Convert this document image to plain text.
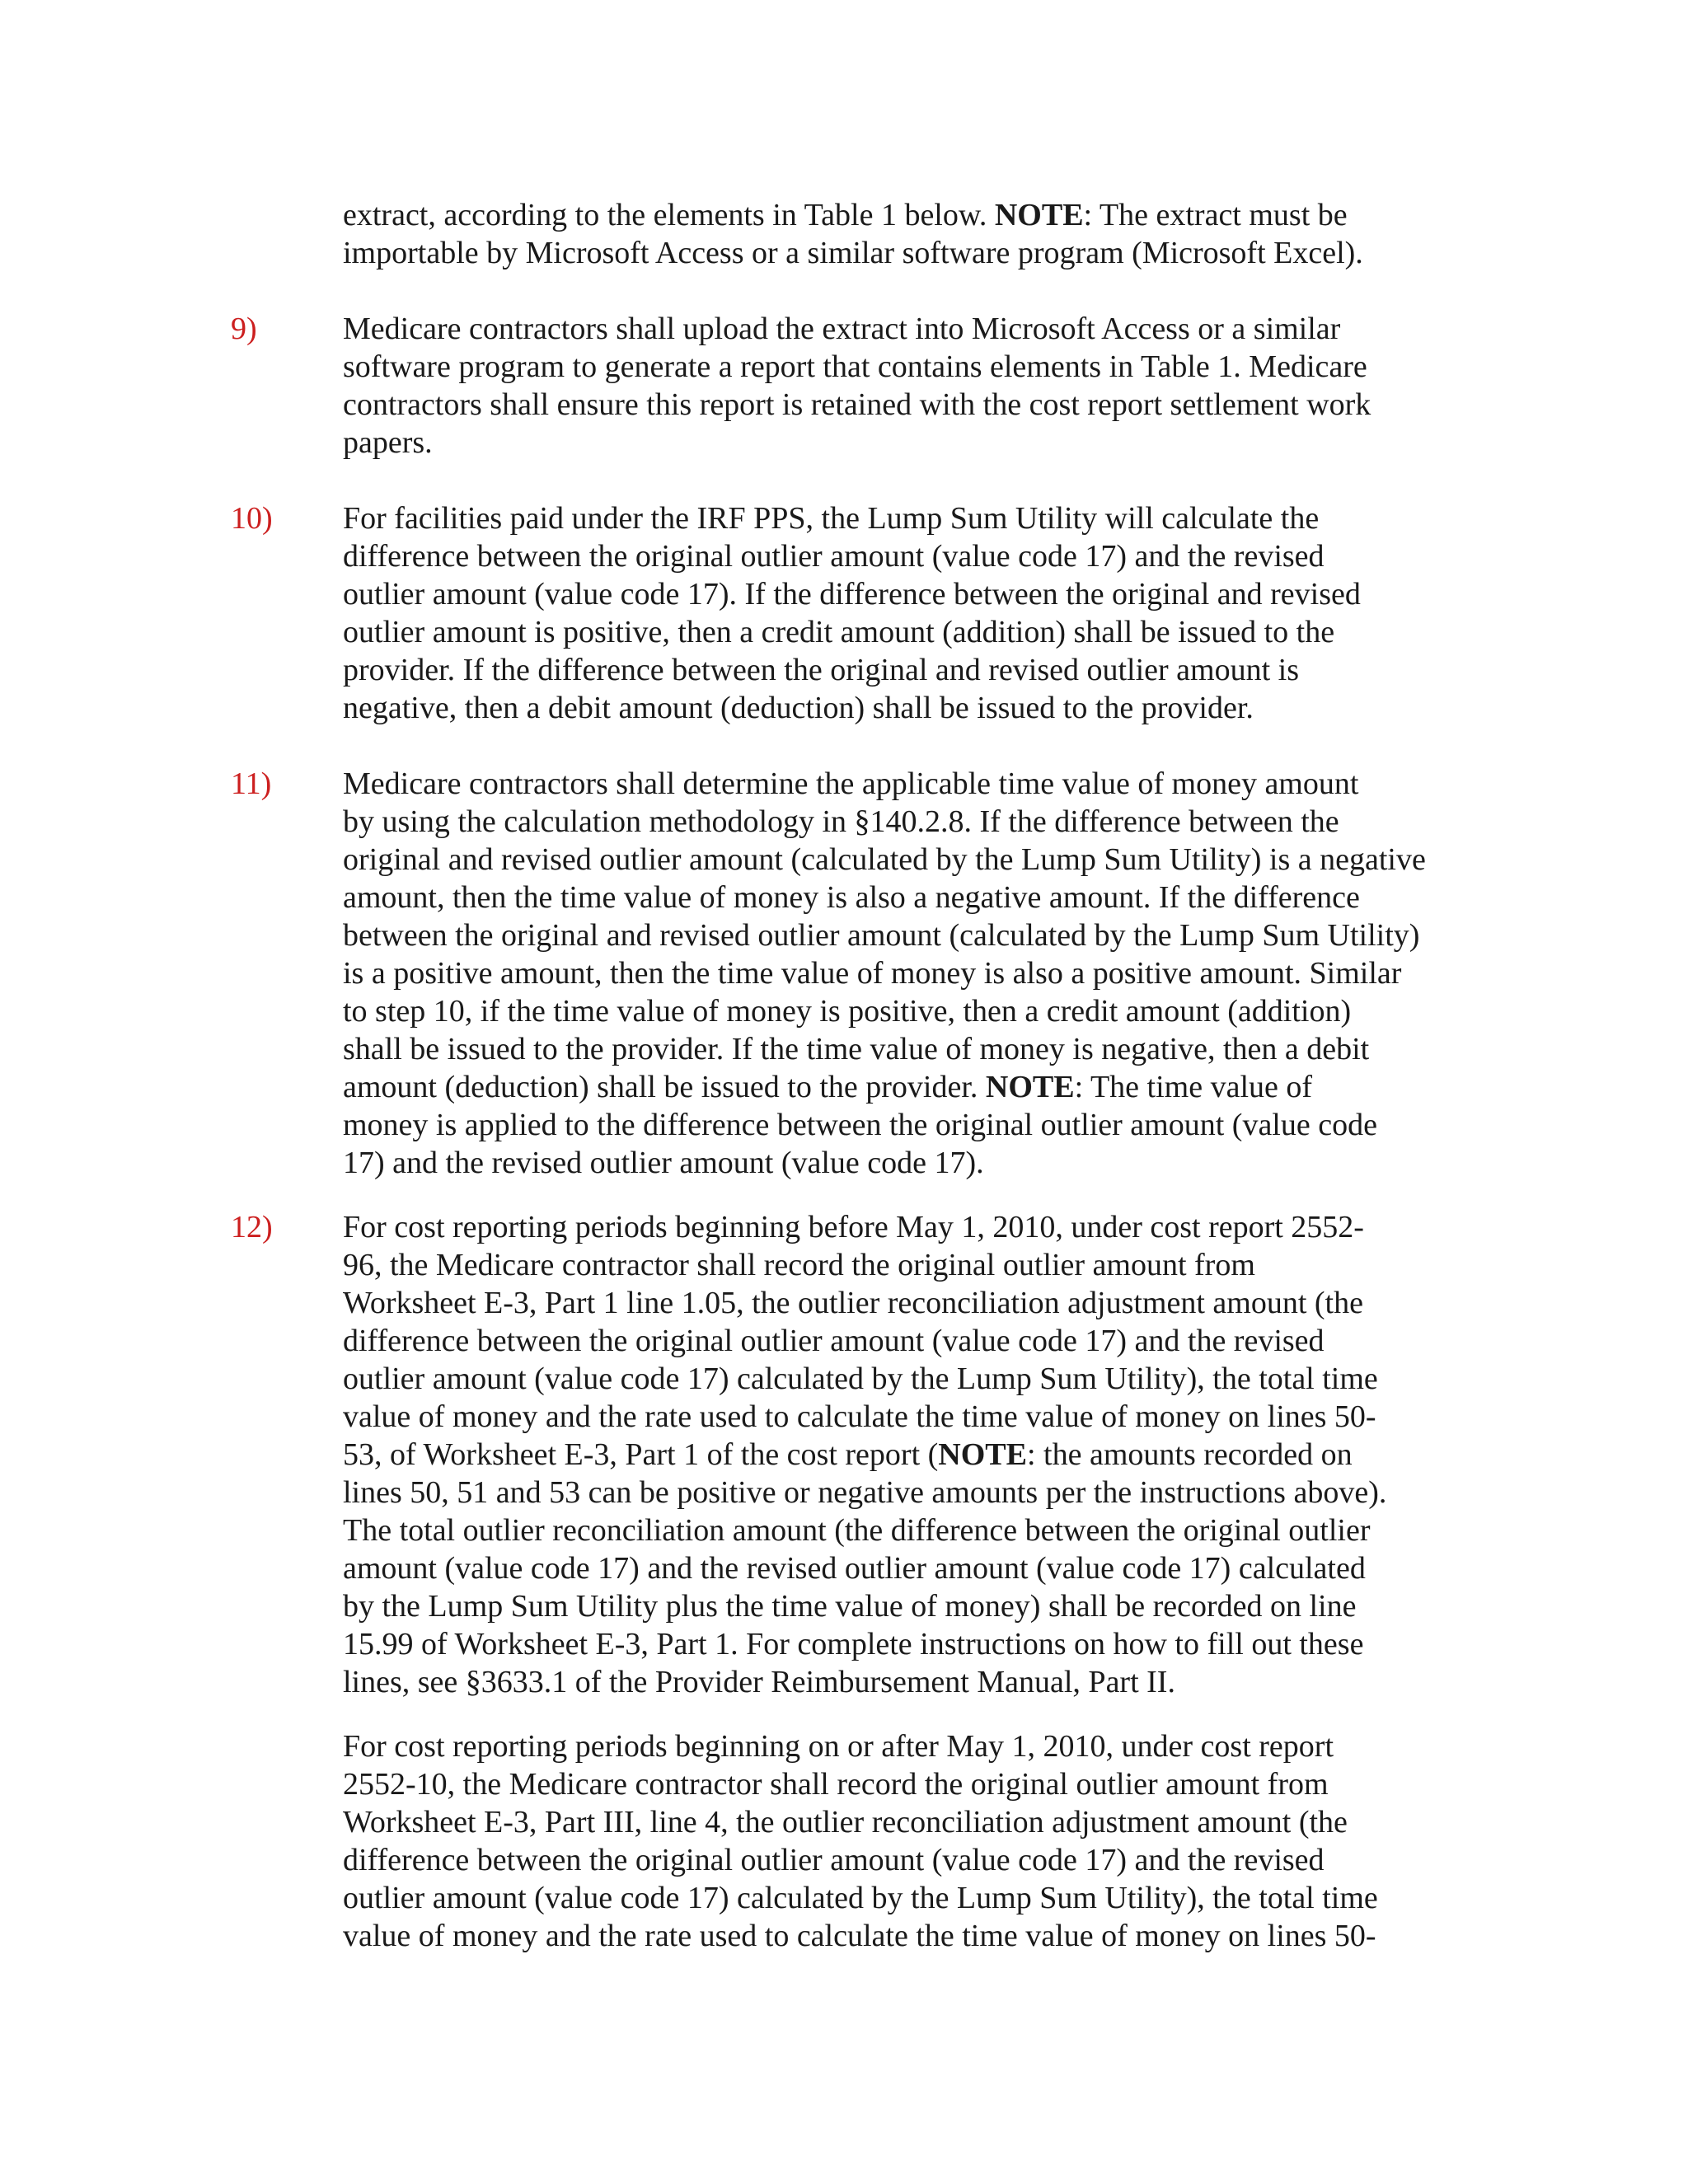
extract, according to the elements in Table 1 below. NOTE: The extract must be
importable by Microsoft Access or a similar software program (Microsoft Excel).
9)	Medicare contractors shall upload the extract into Microsoft Access or a similar
software program to generate a report that contains elements in Table 1. Medicare
contractors shall ensure this report is retained with the cost report settlement work
papers.
10) For facilities paid under the IRF PPS, the Lump Sum Utility will calculate the
difference between the original outlier amount (value code 17) and the revised
outlier amount (value code 17). If the difference between the original and revised
outlier amount is positive, then a credit amount (addition) shall be issued to the
provider. If the difference between the original and revised outlier amount is
negative, then a debit amount (deduction) shall be issued to the provider.
11) Medicare contractors shall determine the applicable time value of money amount
by using the calculation methodology in §140.2.8. If the difference between the
original and revised outlier amount (calculated by the Lump Sum Utility) is a negative
amount, then the time value of money is also a negative amount. If the difference
between the original and revised outlier amount (calculated by the Lump Sum Utility)
is a positive amount, then the time value of money is also a positive amount. Similar
to step 10, if the time value of money is positive, then a credit amount (addition)
shall be issued to the provider. If the time value of money is negative, then a debit
amount (deduction) shall be issued to the provider. NOTE: The time value of
money is applied to the difference between the original outlier amount (value code
17) and the revised outlier amount (value code 17).
12) For cost reporting periods beginning before May 1, 2010, under cost report 2552-
96, the Medicare contractor shall record the original outlier amount from
Worksheet E-3, Part 1 line 1.05, the outlier reconciliation adjustment amount (the
difference between the original outlier amount (value code 17) and the revised
outlier amount (value code 17) calculated by the Lump Sum Utility), the total time
value of money and the rate used to calculate the time value of money on lines 50-
53, of Worksheet E-3, Part 1 of the cost report (NOTE: the amounts recorded on
lines 50, 51 and 53 can be positive or negative amounts per the instructions above).
The total outlier reconciliation amount (the difference between the original outlier
amount (value code 17) and the revised outlier amount (value code 17) calculated
by the Lump Sum Utility plus the time value of money) shall be recorded on line
15.99 of Worksheet E-3, Part 1. For complete instructions on how to fill out these
lines, see §3633.1 of the Provider Reimbursement Manual, Part II.
For cost reporting periods beginning on or after May 1, 2010, under cost report
2552-10, the Medicare contractor shall record the original outlier amount from
Worksheet E-3, Part III, line 4, the outlier reconciliation adjustment amount (the
difference between the original outlier amount (value code 17) and the revised
outlier amount (value code 17) calculated by the Lump Sum Utility), the total time
value of money and the rate used to calculate the time value of money on lines 50-
